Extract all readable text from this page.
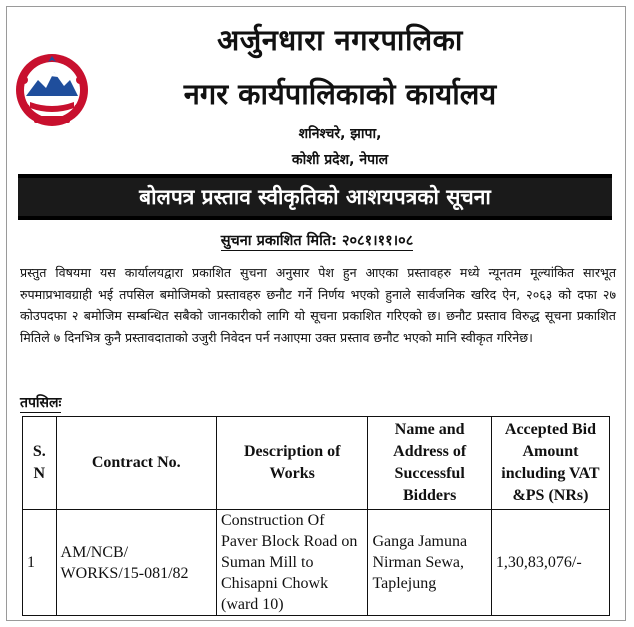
अर्जुनधारा नगरपालिका
नगर कार्यपालिकाको कार्यालय
शनिश्चरे, झापा,
कोशी प्रदेश, नेपाल
बोलपत्र प्रस्ताव स्वीकृतिको आशयपत्रको सूचना
सुचना प्रकाशित मिति: २०८१।११।०८
प्रस्तुत विषयमा यस कार्यालयद्वारा प्रकाशित सुचना अनुसार पेश हुन आएका प्रस्तावहरु मध्ये न्यूनतम मूल्यांकित सारभूत रुपमाप्रभावग्राही भई तपसिल बमोजिमको प्रस्तावहरु छनौट गर्ने निर्णय भएको हुनाले सार्वजनिक खरिद ऐन, २०६३ को दफा २७ कोउपदफा २ बमोजिम सम्बन्धित सबैको जानकारीको लागि यो सूचना प्रकाशित गरिएको छ। छनौट प्रस्ताव विरुद्ध सूचना प्रकाशित मितिले ७ दिनभित्र कुनै प्रस्तावदाताको उजुरी निवेदन पर्न नआएमा उक्त प्रस्ताव छनौट भएको मानि स्वीकृत गरिनेछ।
तपसिलः
S. N	Contract No.	Description of Works	Name and Address of Successful Bidders	Accepted Bid Amount including VAT &PS (NRs)
1	AM/NCB/ WORKS/15-081/82	Construction Of Paver Block Road on Suman Mill to Chisapni Chowk (ward 10)	Ganga Jamuna Nirman Sewa, Taplejung	1,30,83,076/-
